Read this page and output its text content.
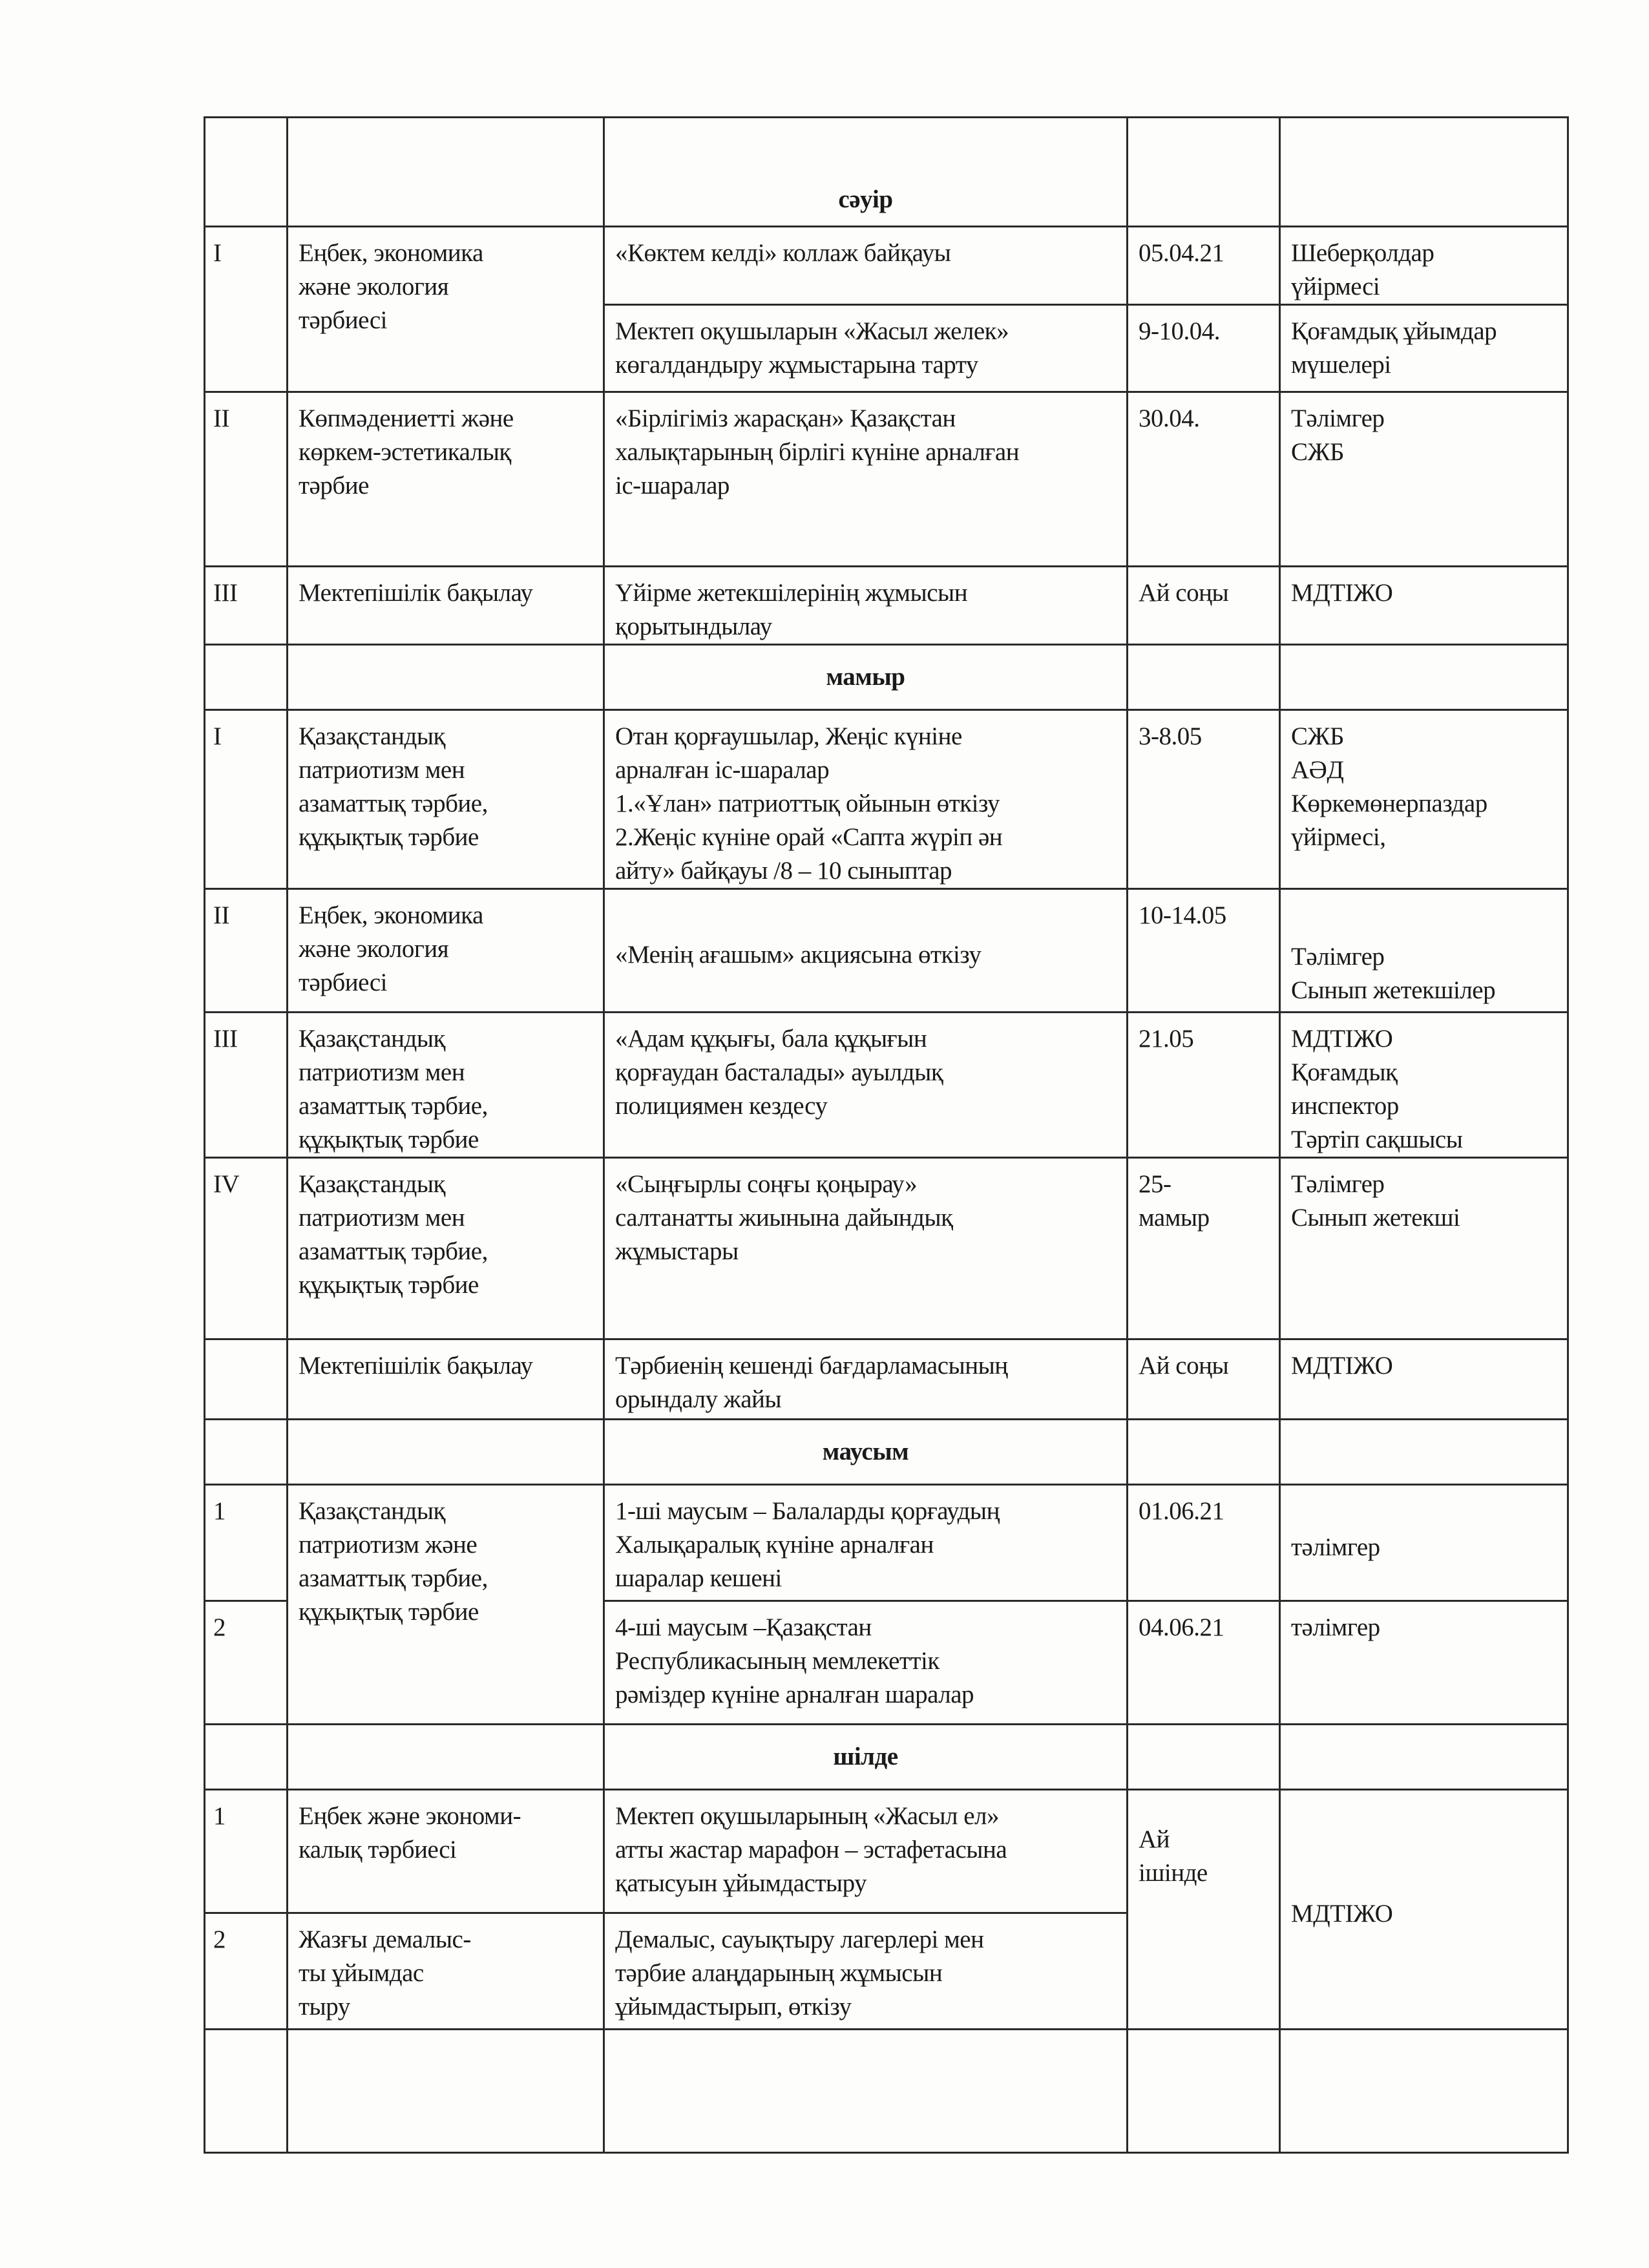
		сәуір		
I	Еңбек, экономика
және экология
тәрбиесі	«Көктем келді» коллаж байқауы	05.04.21	Шеберқолдар
үйірмесі
		Мектеп оқушыларын «Жасыл желек»
көгалдандыру жұмыстарына тарту	9-10.04.	Қоғамдық ұйымдар
мүшелері
II	Көпмәдениетті және
көркем-эстетикалық
тәрбие	«Бірлігіміз жарасқан» Қазақстан
халықтарының бірлігі күніне арналған
іс-шаралар	30.04.	Тәлімгер
СЖБ
III	Мектепішілік бақылау	Үйірме жетекшілерінің жұмысын
қорытындылау	Ай соңы	МДТІЖО
		мамыр		
I	Қазақстандық
патриотизм мен
азаматтық тәрбие,
құқықтық тәрбие	Отан қорғаушылар, Жеңіс күніне
арналған іс-шаралар
1.«Ұлан» патриоттық ойынын өткізу
2.Жеңіс күніне орай «Сапта жүріп ән
айту» байқауы /8 – 10 сыныптар	3-8.05	СЖБ
АӘД
Көркемөнерпаздар
үйірмесі,
II	Еңбек, экономика
және экология
тәрбиесі	«Менің ағашым» акциясына өткізу	10-14.05	Тәлімгер
Сынып жетекшілер
III	Қазақстандық
патриотизм мен
азаматтық тәрбие,
құқықтық тәрбие	«Адам құқығы, бала құқығын
қорғаудан басталады» ауылдық
полициямен кездесу	21.05	МДТІЖО
Қоғамдық
инспектор
Тәртіп сақшысы
IV	Қазақстандық
патриотизм мен
азаматтық тәрбие,
құқықтық тәрбие	«Сыңғырлы соңғы қоңырау»
салтанатты жиынына дайындық
жұмыстары	25-
мамыр	Тәлімгер
Сынып жетекші
	Мектепішілік бақылау	Тәрбиенің кешенді бағдарламасының
орындалу жайы	Ай соңы	МДТІЖО
		маусым		
1	Қазақстандық
патриотизм және
азаматтық тәрбие,
құқықтық тәрбие	1-ші маусым – Балаларды қорғаудың
Халықаралық күніне арналған
шаралар кешені	01.06.21	тәлімгер
2		4-ші маусым –Қазақстан
Республикасының мемлекеттік
рәміздер күніне арналған шаралар	04.06.21	тәлімгер
		шілде		
1	Еңбек және экономи-
калық тәрбиесі	Мектеп оқушыларының «Жасыл ел»
атты жастар марафон – эстафетасына
қатысуын ұйымдастыру	Ай
ішінде	МДТІЖО
2	Жазғы демалыс-
ты ұйымдас
тыру	Демалыс, сауықтыру лагерлері мен
тәрбие алаңдарының жұмысын
ұйымдастырып, өткізу		
